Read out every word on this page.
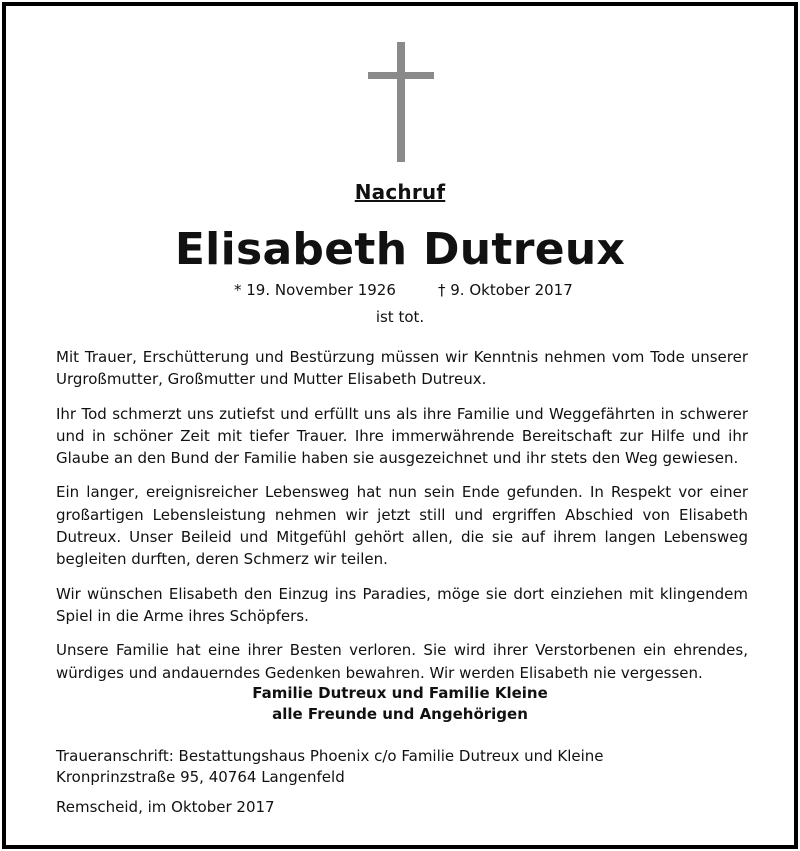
Nachruf
Elisabeth Dutreux
* 19. November 1926	† 9. Oktober 2017
ist tot.

Mit Trauer, Erschütterung und Bestürzung müssen wir Kenntnis nehmen vom Tode unserer Urgroßmutter, Großmutter und Mutter Elisabeth Dutreux.

Ihr Tod schmerzt uns zutiefst und erfüllt uns als ihre Familie und Weggefährten in schwerer und in schöner Zeit mit tiefer Trauer. Ihre immerwährende Bereitschaft zur Hilfe und ihr Glaube an den Bund der Familie haben sie ausgezeichnet und ihr stets den Weg gewiesen.

Ein langer, ereignisreicher Lebensweg hat nun sein Ende gefunden. In Respekt vor einer großartigen Lebensleistung nehmen wir jetzt still und ergriffen Abschied von Elisabeth Dutreux. Unser Beileid und Mitgefühl gehört allen, die sie auf ihrem langen Lebensweg begleiten durften, deren Schmerz wir teilen.

Wir wünschen Elisabeth den Einzug ins Paradies, möge sie dort einziehen mit klingendem Spiel in die Arme ihres Schöpfers.

Unsere Familie hat eine ihrer Besten verloren. Sie wird ihrer Verstorbenen ein ehrendes, würdiges und andauerndes Gedenken bewahren. Wir werden Elisabeth nie vergessen.

Familie Dutreux und Familie Kleine
alle Freunde und Angehörigen
Traueranschrift: Bestattungshaus Phoenix c/o Familie Dutreux und Kleine
Kronprinzstraße 95, 40764 Langenfeld
Remscheid, im Oktober 2017
